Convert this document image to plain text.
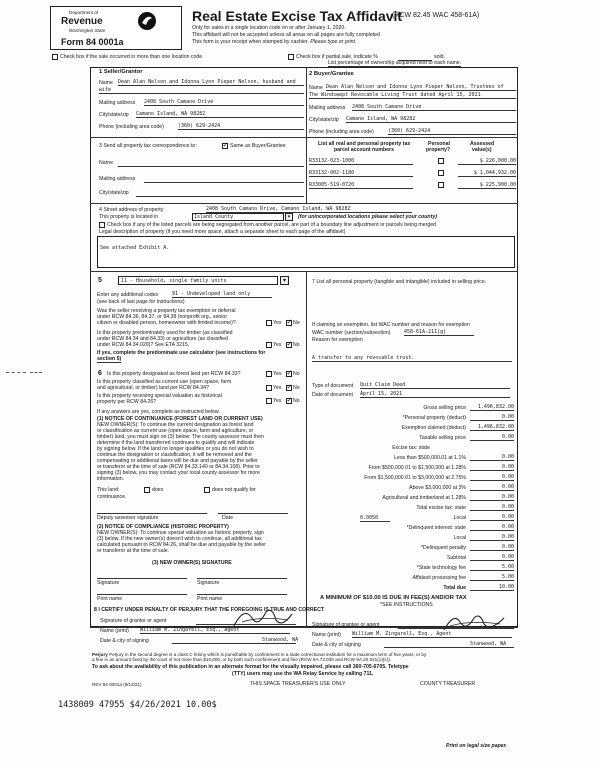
Department of
Revenue
Washington State
Form 84 0001a
Real Estate Excise Tax Affidavit
(RCW 82.45 WAC 458-61A)
Only for sales in a single location code on or after January 1, 2020.
This affidavit will not be accepted unless all areas on all pages are fully completed
This form is your receipt when stamped by cashier. Please type or print.
Check box if the sale occurred in more than one location code	Check box if partial sale, indicate %	sold.
List percentage of ownership acquired next to each name.
1 Seller/Grantor
Name Dean Alan Nelson and Idonna Lynn Pieper Nelson, husband and
wife
Mailing address 2408 South Camano Drive
City/state/zip Camano Island, WA 98282
Phone (including area code)	(360) 629-2424
2 Buyer/Grantee
Name Dean Alan Nelson and Idonna Lynn Pieper Nelson, Trustees of
The Windswept Revocable Living Trust dated April 15, 2021
Mailing address 2408 South Camano Drive
City/state/zip Camano Island, WA 98282
Phone (including area code)	(360) 629-2424
3 Send all property tax correspondence to: ✓	Same as Buyer/Grantee
Name
Mailing address
City/state/zip
List all real and personal property tax
parcel account numbers
Personal
property?
Assessed
value(s)
R33132-023-1000	$ 226,000.00
R33132-002-1180	$ 1,044,932.00
R33005-519-0720	$ 225,900.00
4 Street address of property	2408 South Camano Drive, Camano Island, WA 98282
This property is located in	Island County	▾	(for unincorporated locations please select your county)
Check box if any of the listed parcels are being segregated from another parcel, are part of a boundary line adjustment or parcels being merged
Legal description of property (if you need more space, attach a separate sheet to each page of the affidavit)
See attached Exhibit A.
5	11 - Household, single family units	▾
Enter any additional codes	91 - Undeveloped land only
(see back of last page for instructions)
Was the seller receiving a property tax exemption or deferral
under RCW 84.36, 84.37, or 84.38 (nonprofit org., senior
citizen or disabled person, homeowner with limited income)?	Yes ✓ No
Is this property predominately used for timber (as classified
under RCW 84.34 and 84.33) or agriculture (as classified
under RCW 84.34.020)? See ETA 3215.	Yes ✓ No
If yes, complete the predominate use calculator (see instructions for
section 5)
6 Is this property designated as forest land per RCW 84.33?	Yes ✓ No
Is this property classified as current use (open space, farm
and agricultural, or timber) land per RCW 84.34?	Yes ✓ No
Is this property receiving special valuation as historical
property per RCW 84.26?	Yes ✓ No
If any answers are yes, complete as instructed below.
(1) NOTICE OF CONTINUANCE (FOREST LAND OR CURRENT USE)
NEW OWNER(S): To continue the current designation as forest land
or classification as current use (open space, farm and agriculture, or
timber) land, you must sign on (3) below. The county assessor must then
determine if the land transferred continues to qualify and will indicate
by signing below. If the land no longer qualifies or you do not wish to
continue the designation or classification, it will be removed and the
compensating or additional taxes will be due and payable by the seller
or transferor at the time of sale (RCW 84.33.140 or 84.34.108). Prior to
signing (3) below, you may contact your local county assessor for more
information.
This land:	does	does not qualify for
continuance.
Deputy assessor signature	Date
(2) NOTICE OF COMPLIANCE (HISTORIC PROPERTY)
NEW OWNER(S): To continue special valuation as historic property, sign
(3) below. If the new owner(s) doesn't wish to continue, all additional tax
calculated pursuant to RCW 84.26, shall be due and payable by the seller
or transferor at the time of sale.
(3) NEW OWNER(S) SIGNATURE
Signature	Signature
Print name	Print name
7 List all personal property (tangible and intangible) included in selling price.
If claiming an exemption, list WAC number and reason for exemption
WAC number (section/subsection)	458-61A-211(g)
Reason for exemption
A transfer to any revocable trust.
Type of document Quit Claim Deed
Date of document April 15, 2021
Gross selling price	1,496,832.00
*Personal property (deduct)	0.00
Exemption claimed (deduct)	1,496,832.00
Taxable selling price	0.00
Excise tax: state
Less than $500,000.01 at 1.1%	0.00
From $500,000.01 to $1,500,000 at 1.28%	0.00
From $1,500,000.01 to $3,000,000 at 2.75%	0.00
Above $3,000,000 at 3%	0.00
Agricultural and timberland at 1.28%	0.00
Total excise tax: state	0.00
0.0050	Local	0.00
*Delinquent interest: state	0.00
Local	0.00
*Delinquent penalty	0.00
Subtotal	0.00
*State technology fee	5.00
Affidavit processing fee	5.00
Total due	10.00
A MINIMUM OF $10.00 IS DUE IN FEE(S) AND/OR TAX
*SEE INSTRUCTIONS
8 I CERTIFY UNDER PENALTY OF PERJURY THAT THE FOREGOING IS TRUE AND CORRECT
Signature of grantor or agent
Name (print) William M. Zingarell, Esq., Agent
Date & city of signing	Stanwood, WA
Signature of grantee or agent
Name (print) William M. Zingarell, Esq., Agent
Date & city of signing	Stanwood, WA
Perjury Perjury in the second degree is a class C felony which is punishable by confinement in a state correctional institution for a maximum term of five years, or by
a fine in an amount fixed by the court of not more than $10,000, or by both such confinement and fine (RCW 9A.72.030 and RCW 9A.20.021(1)(c)).
To ask about the availability of this publication in an alternate format for the visually impaired, please call 360-705-6705. Teletype
(TTY) users may use the WA Relay Service by calling 711.
REV 84 0001a (9/12/21)	THIS SPACE TREASURER'S USE ONLY	COUNTY TREASURER
1438009 47955 $4/26/2021 10.00$
Print on legal size paper.
